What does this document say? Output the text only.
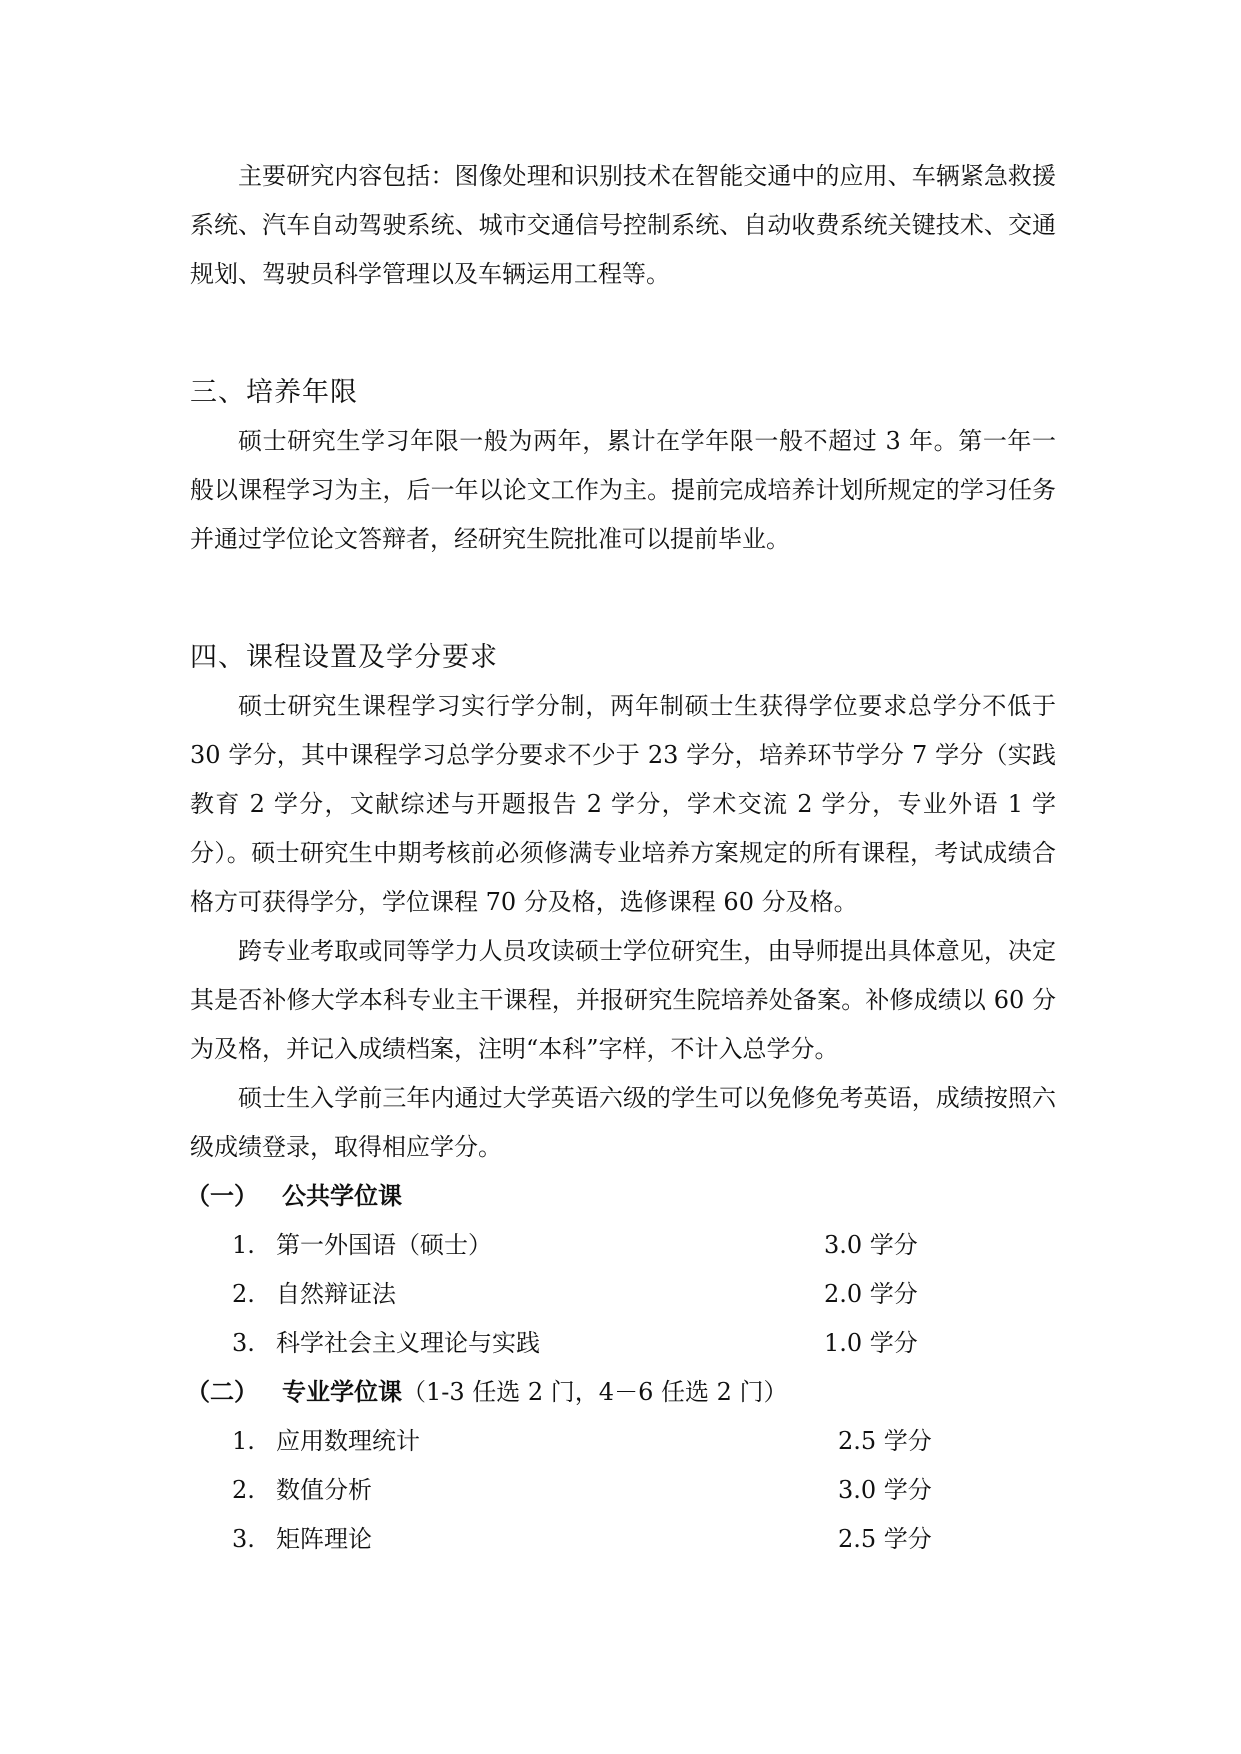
主要研究内容包括：图像处理和识别技术在智能交通中的应用、车辆紧急救援系统、汽车自动驾驶系统、城市交通信号控制系统、自动收费系统关键技术、交通规划、驾驶员科学管理以及车辆运用工程等。

三、培养年限

硕士研究生学习年限一般为两年，累计在学年限一般不超过 3 年。第一年一般以课程学习为主，后一年以论文工作为主。提前完成培养计划所规定的学习任务并通过学位论文答辩者，经研究生院批准可以提前毕业。

四、课程设置及学分要求

硕士研究生课程学习实行学分制，两年制硕士生获得学位要求总学分不低于 30 学分，其中课程学习总学分要求不少于 23 学分，培养环节学分 7 学分（实践教育 2 学分，文献综述与开题报告 2 学分，学术交流 2 学分，专业外语 1 学分）。硕士研究生中期考核前必须修满专业培养方案规定的所有课程，考试成绩合格方可获得学分，学位课程 70 分及格，选修课程 60 分及格。

跨专业考取或同等学力人员攻读硕士学位研究生，由导师提出具体意见，决定其是否补修大学本科专业主干课程，并报研究生院培养处备案。补修成绩以 60 分为及格，并记入成绩档案，注明“本科”字样，不计入总学分。

硕士生入学前三年内通过大学英语六级的学生可以免修免考英语，成绩按照六级成绩登录，取得相应学分。

（一） 公共学位课
1. 第一外国语（硕士）	3.0 学分
2. 自然辩证法	2.0 学分
3. 科学社会主义理论与实践	1.0 学分
（二） 专业学位课（1-3 任选 2 门，4－6 任选 2 门）
1. 应用数理统计	2.5 学分
2. 数值分析	3.0 学分
3. 矩阵理论	2.5 学分
